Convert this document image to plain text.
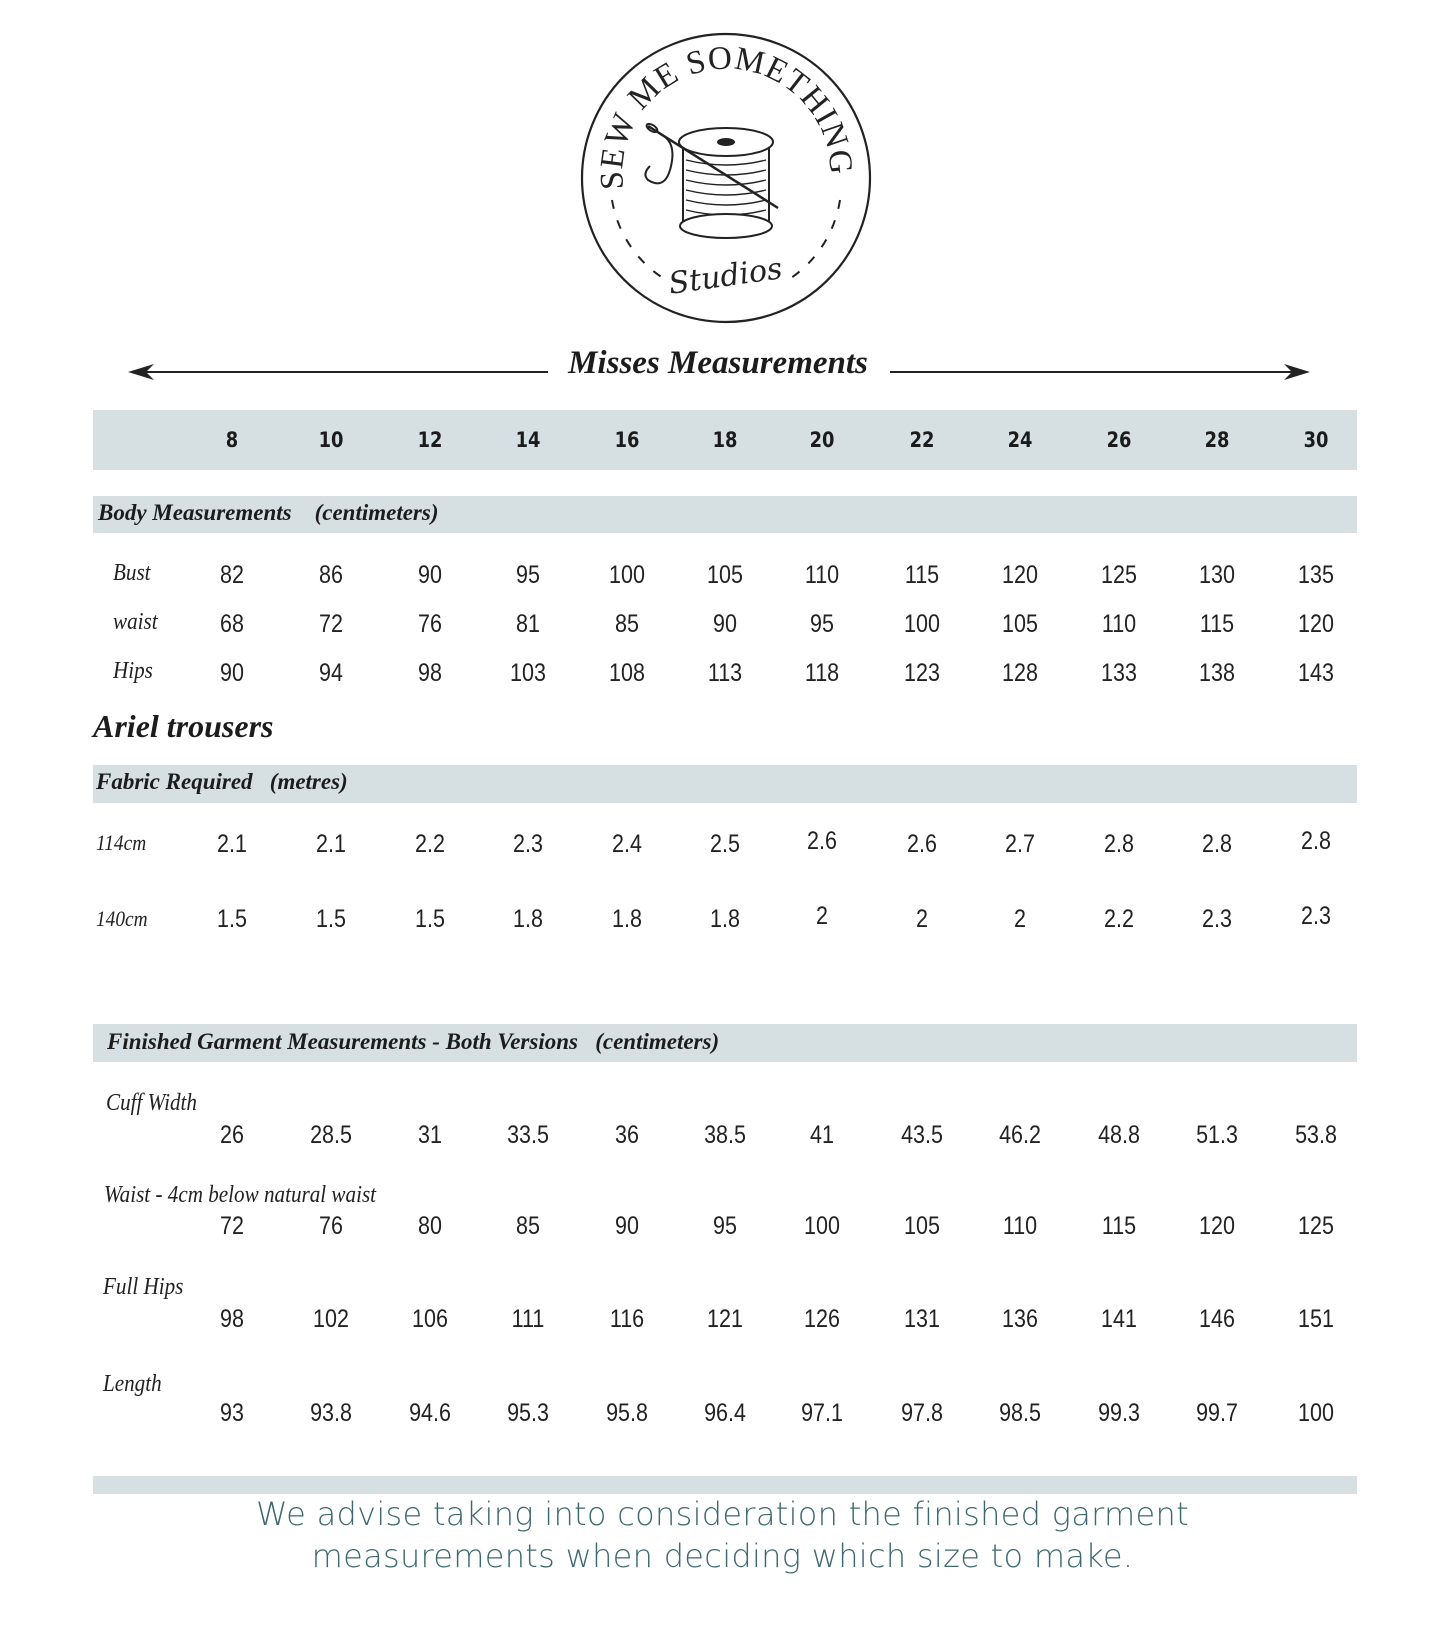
SEW ME SOMETHING
Studios
Misses Measurements
8	10	12	14	16	18	20	22	24	26	28	30
Body Measurements    (centimeters)
Bust	82	86	90	95	100	105	110	115	120	125	130	135
waist	68	72	76	81	85	90	95	100	105	110	115	120
Hips	90	94	98	103	108	113	118	123	128	133	138	143
Ariel trousers
Fabric Required   (metres)
114cm	2.1	2.1	2.2	2.3	2.4	2.5	2.6	2.6	2.7	2.8	2.8	2.8
140cm	1.5	1.5	1.5	1.8	1.8	1.8	2	2	2	2.2	2.3	2.3
Finished Garment Measurements - Both Versions   (centimeters)
Cuff Width
26	28.5	31	33.5	36	38.5	41	43.5	46.2	48.8	51.3	53.8
Waist - 4cm below natural waist
72	76	80	85	90	95	100	105	110	115	120	125
Full Hips
98	102	106	111	116	121	126	131	136	141	146	151
Length
93	93.8	94.6	95.3	95.8	96.4	97.1	97.8	98.5	99.3	99.7	100
We advise taking into consideration the finished garment
measurements when deciding which size to make.
